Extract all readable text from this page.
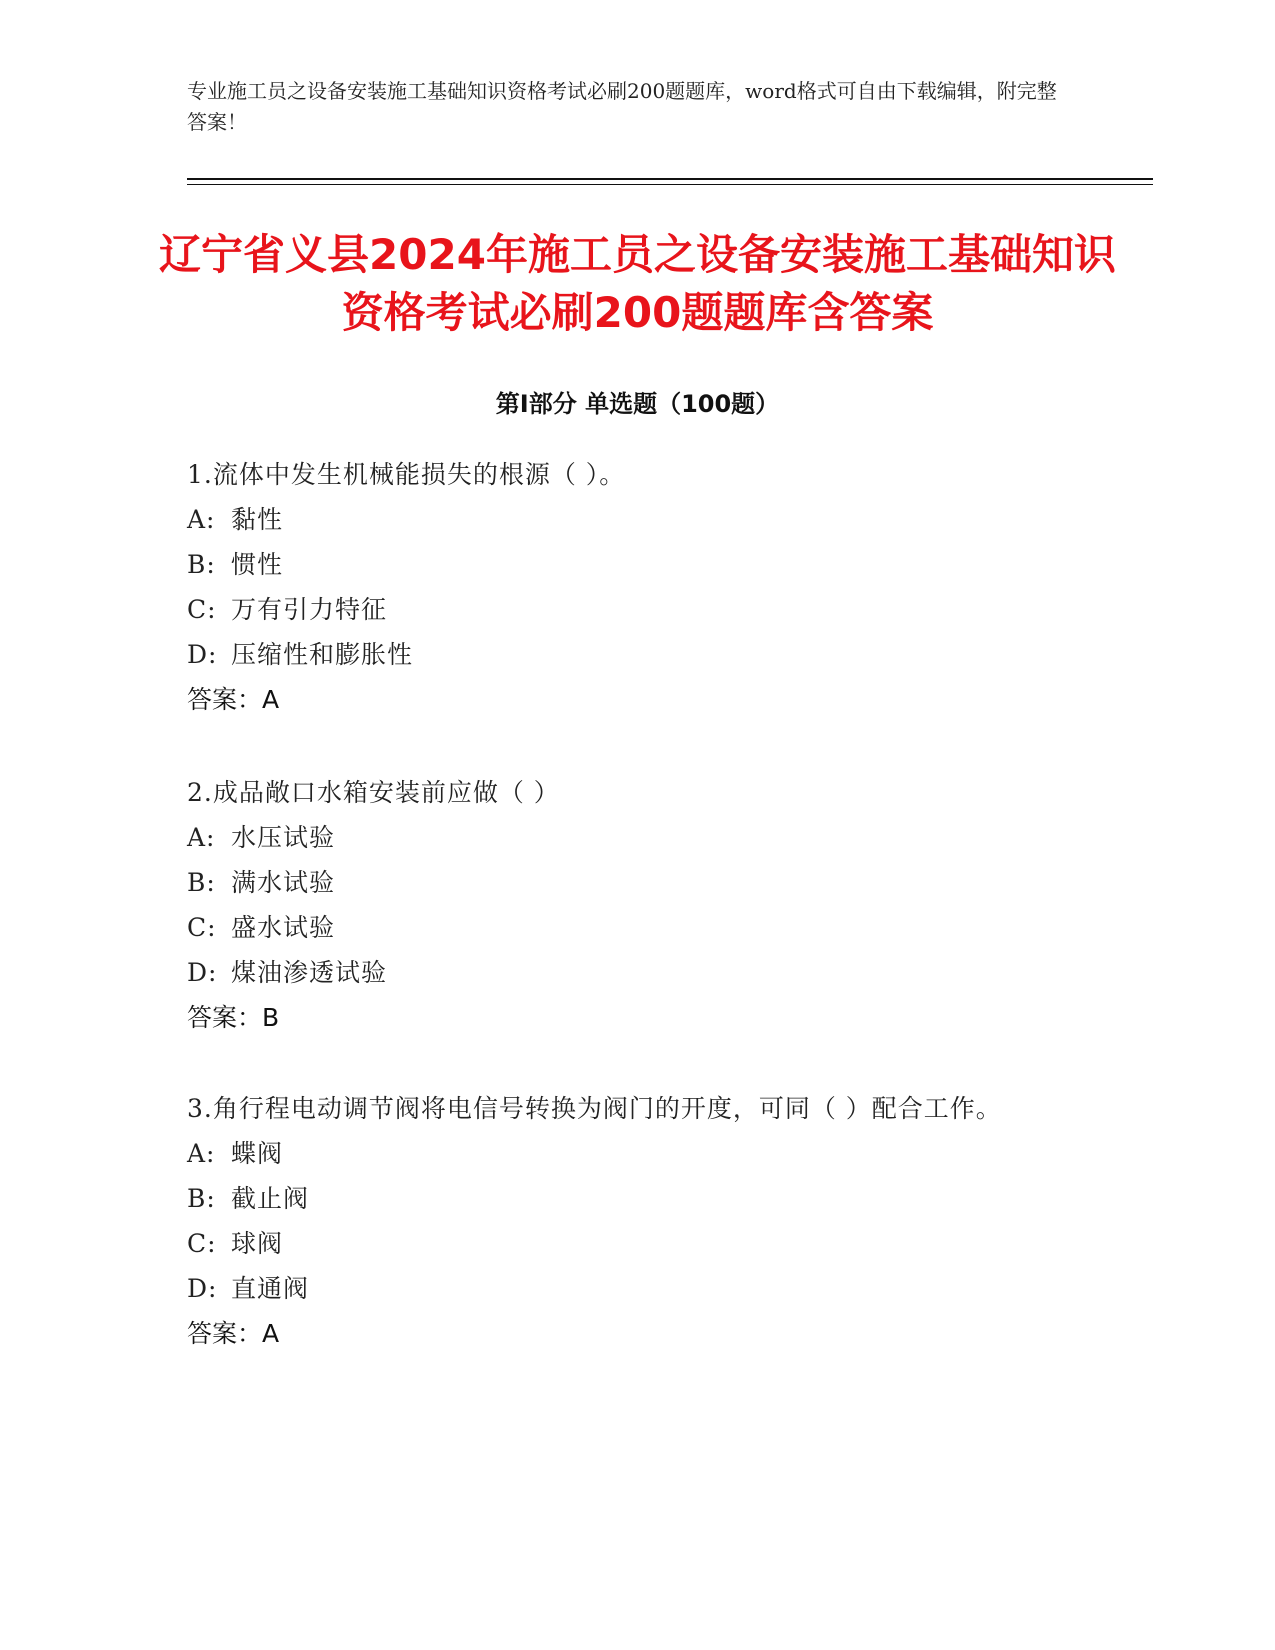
专业施工员之设备安装施工基础知识资格考试必刷200题题库，word格式可自由下载编辑，附完整答案！
辽宁省义县2024年施工员之设备安装施工基础知识资格考试必刷200题题库含答案
第Ⅰ部分 单选题（100题）
1.流体中发生机械能损失的根源（ ）。
A: 黏性
B: 惯性
C: 万有引力特征
D: 压缩性和膨胀性
答案：A
2.成品敞口水箱安装前应做（ ）
A: 水压试验
B: 满水试验
C: 盛水试验
D: 煤油渗透试验
答案：B
3.角行程电动调节阀将电信号转换为阀门的开度，可同（ ）配合工作。
A: 蝶阀
B: 截止阀
C: 球阀
D: 直通阀
答案：A
